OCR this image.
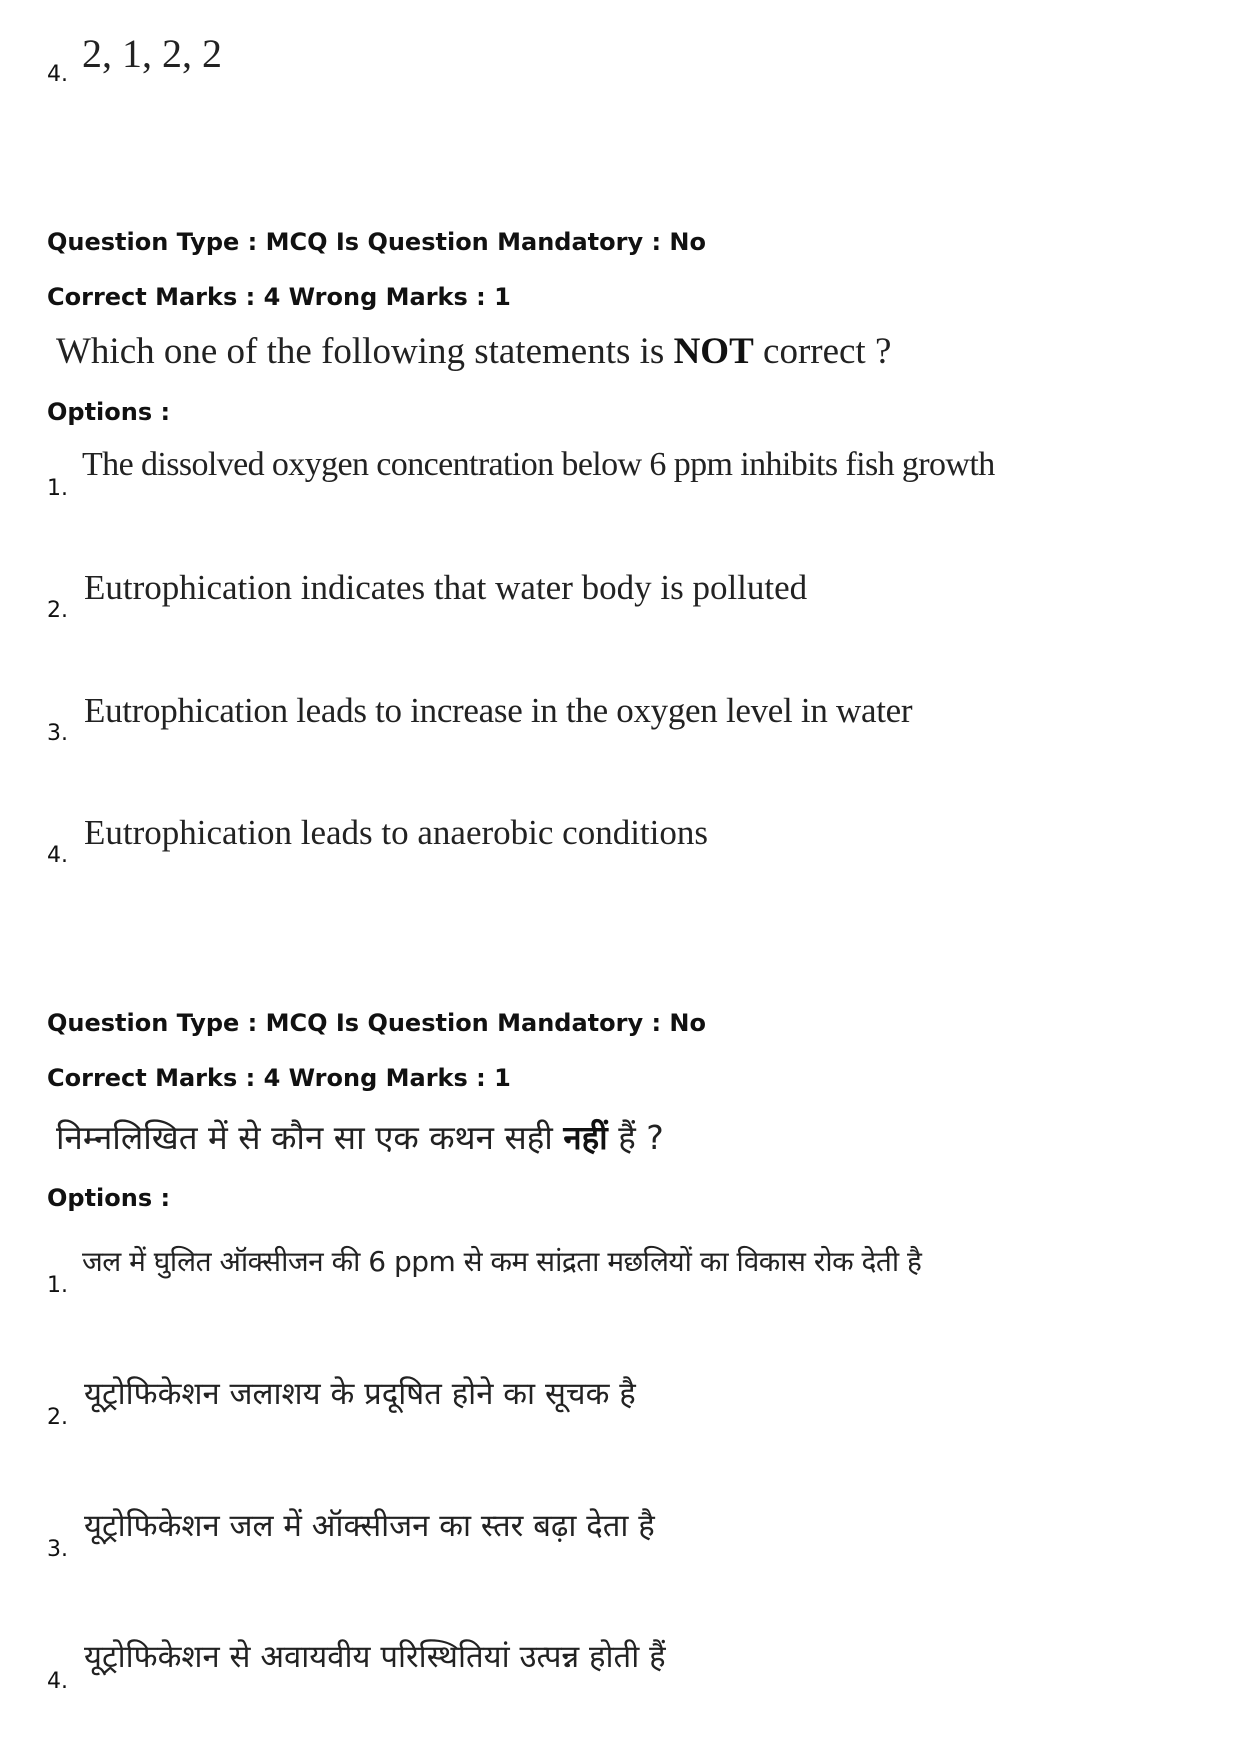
4. 2, 1, 2, 2
Question Type : MCQ Is Question Mandatory : No
Correct Marks : 4 Wrong Marks : 1
Which one of the following statements is NOT correct ?
Options :
1.
The dissolved oxygen concentration below 6 ppm inhibits fish growth
2.
Eutrophication indicates that water body is polluted
3.
Eutrophication leads to increase in the oxygen level in water
4.
Eutrophication leads to anaerobic conditions
Question Type : MCQ Is Question Mandatory : No
Correct Marks : 4 Wrong Marks : 1
निम्नलिखित में से कौन सा एक कथन सही नहीं हैं ?
Options :
1.
जल में घुलित ऑक्सीजन की 6 ppm से कम सांद्रता मछलियों का विकास रोक देती है
2.
यूट्रोफिकेशन जलाशय के प्रदूषित होने का सूचक है
3.
यूट्रोफिकेशन जल में ऑक्सीजन का स्तर बढ़ा देता है
4.
यूट्रोफिकेशन से अवायवीय परिस्थितियां उत्पन्न होती हैं
